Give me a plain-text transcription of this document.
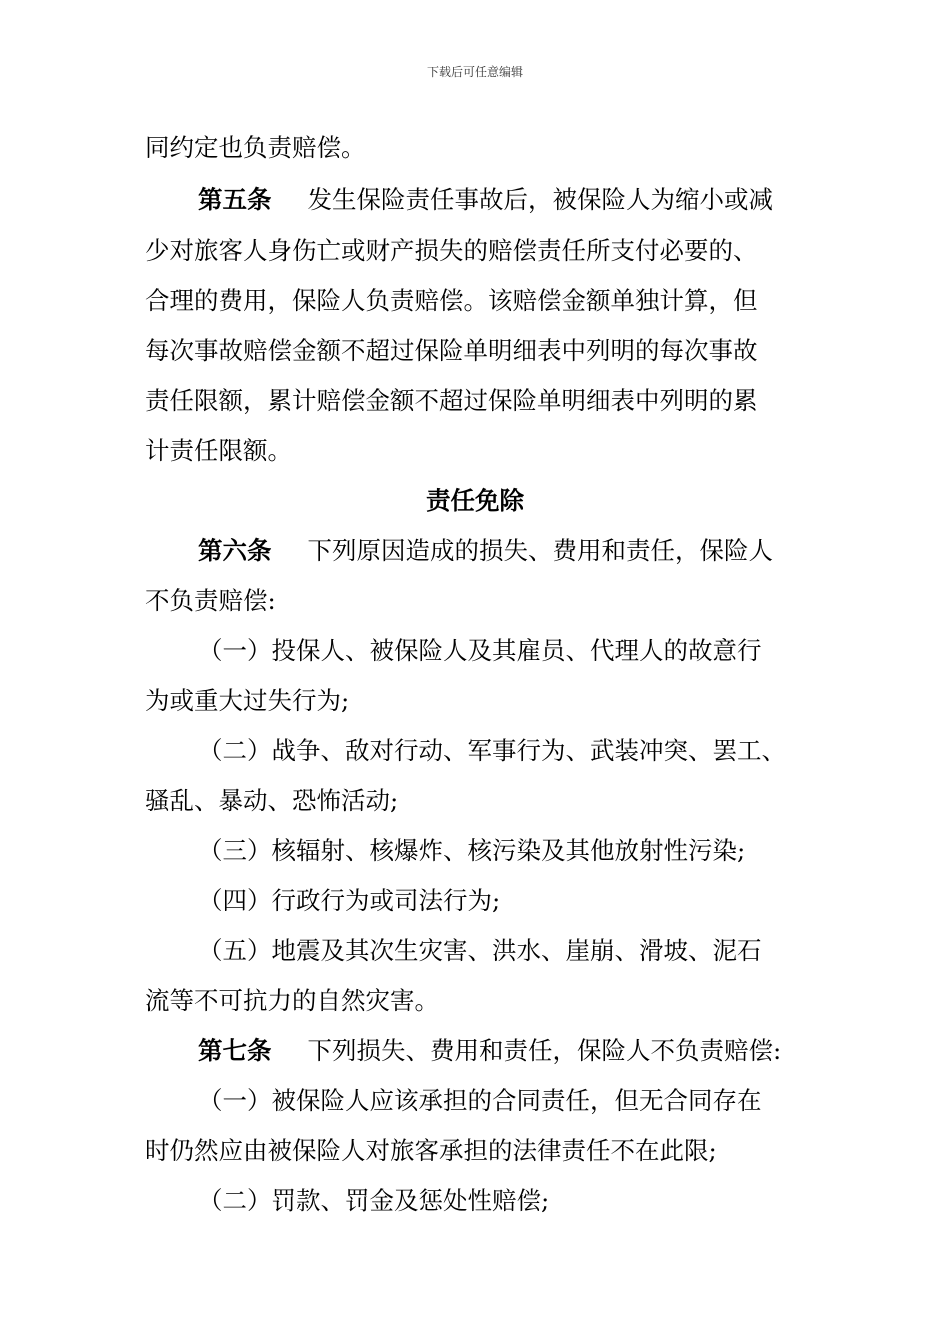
下载后可任意编辑
同约定也负责赔偿。
第五条 发生保险责任事故后，被保险人为缩小或减
少对旅客人身伤亡或财产损失的赔偿责任所支付必要的、
合理的费用，保险人负责赔偿。该赔偿金额单独计算，但
每次事故赔偿金额不超过保险单明细表中列明的每次事故
责任限额，累计赔偿金额不超过保险单明细表中列明的累
计责任限额。
责任免除
第六条 下列原因造成的损失、费用和责任，保险人
不负责赔偿:
（一）投保人、被保险人及其雇员、代理人的故意行
为或重大过失行为;
（二）战争、敌对行动、军事行为、武装冲突、罢工、
骚乱、暴动、恐怖活动;
（三）核辐射、核爆炸、核污染及其他放射性污染;
（四）行政行为或司法行为;
（五）地震及其次生灾害、洪水、崖崩、滑坡、泥石
流等不可抗力的自然灾害。
第七条 下列损失、费用和责任，保险人不负责赔偿:
（一）被保险人应该承担的合同责任，但无合同存在
时仍然应由被保险人对旅客承担的法律责任不在此限;
（二）罚款、罚金及惩处性赔偿;
